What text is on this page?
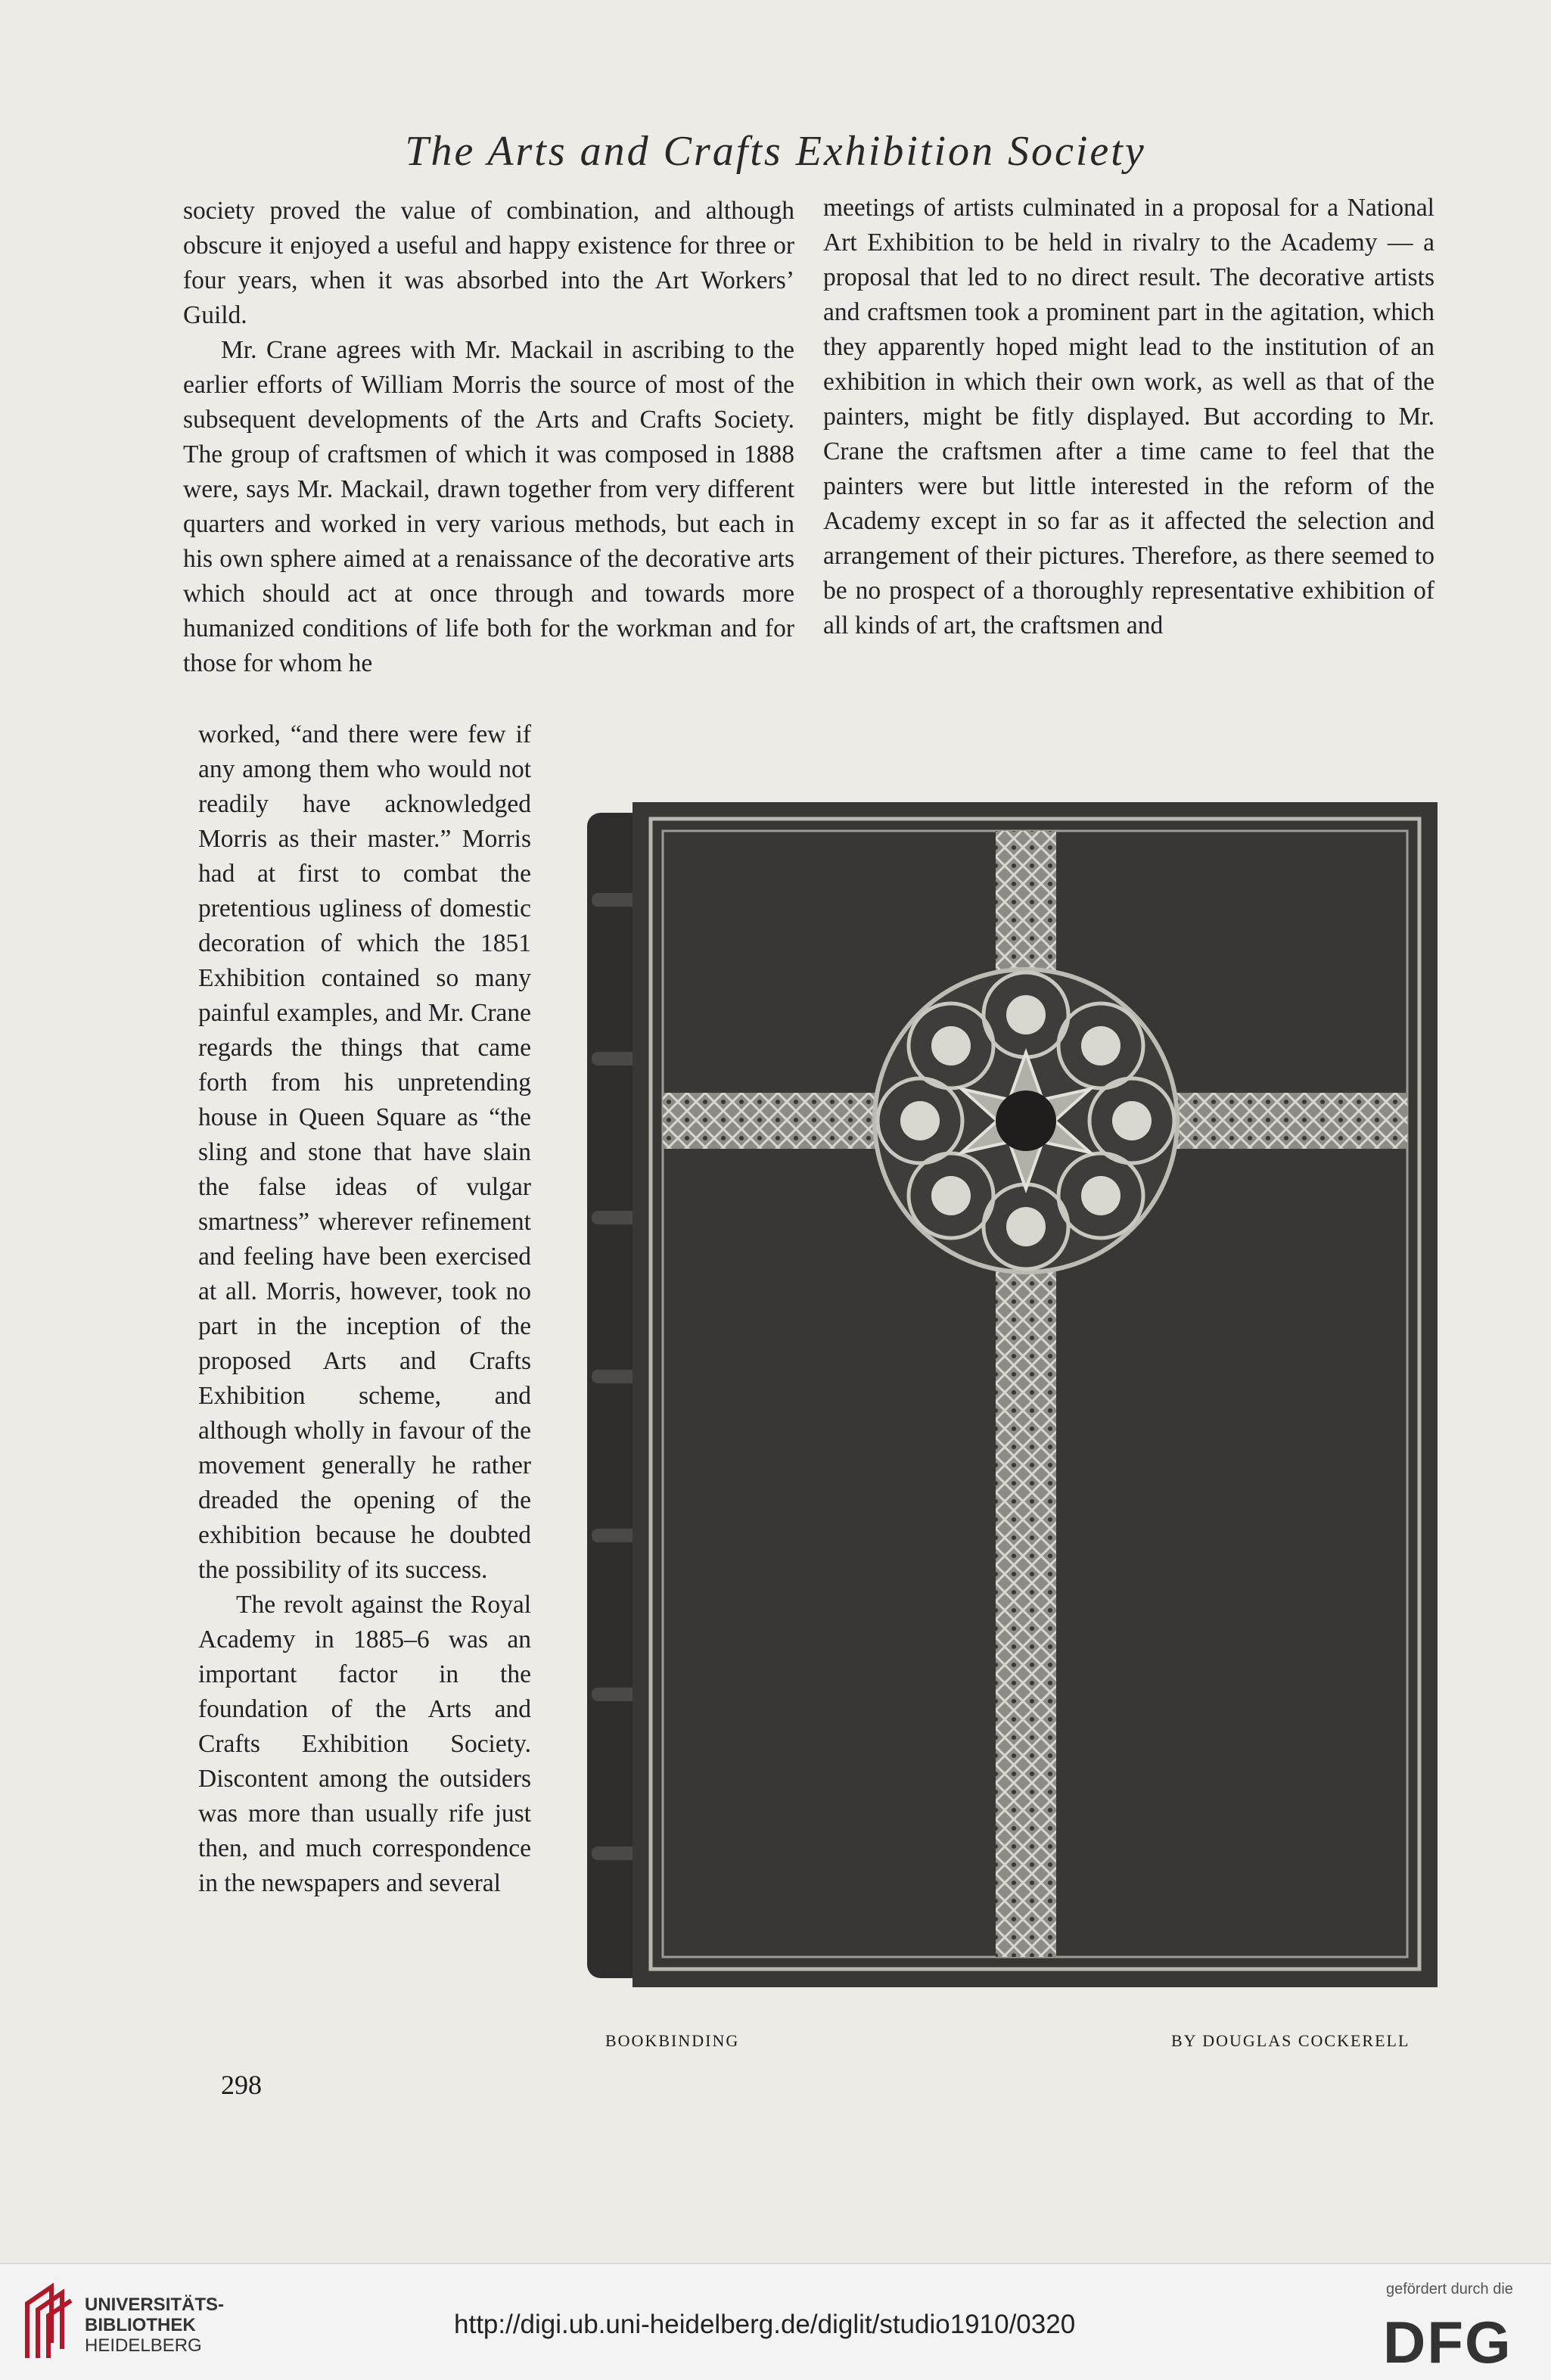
The Arts and Crafts Exhibition Society

society proved the value of combination, and although obscure it enjoyed a useful and happy existence for three or four years, when it was absorbed into the Art Workers’ Guild.

Mr. Crane agrees with Mr. Mackail in ascribing to the earlier efforts of William Morris the source of most of the subsequent developments of the Arts and Crafts Society. The group of craftsmen of which it was composed in 1888 were, says Mr. Mackail, drawn together from very different quarters and worked in very various methods, but each in his own sphere aimed at a renaissance of the decorative arts which should act at once through and towards more humanized conditions of life both for the workman and for those for whom he

meetings of artists culminated in a proposal for a National Art Exhibition to be held in rivalry to the Academy — a proposal that led to no direct result. The decorative artists and craftsmen took a prominent part in the agitation, which they apparently hoped might lead to the institution of an exhibition in which their own work, as well as that of the painters, might be fitly displayed. But according to Mr. Crane the craftsmen after a time came to feel that the painters were but little interested in the reform of the Academy except in so far as it affected the selection and arrangement of their pictures. Therefore, as there seemed to be no prospect of a thoroughly representative exhibition of all kinds of art, the craftsmen and

worked, “and there were few if any among them who would not readily have acknowledged Morris as their master.” Morris had at first to combat the pretentious ugliness of domestic decoration of which the 1851 Exhibition contained so many painful examples, and Mr. Crane regards the things that came forth from his unpretending house in Queen Square as “the sling and stone that have slain the false ideas of vulgar smartness” wherever refinement and feeling have been exercised at all. Morris, however, took no part in the inception of the proposed Arts and Crafts Exhibition scheme, and although wholly in favour of the movement generally he rather dreaded the opening of the exhibition because he doubted the possibility of its success.

The revolt against the Royal Academy in 1885–6 was an important factor in the foundation of the Arts and Crafts Exhibition Society. Discontent among the outsiders was more than usually rife just then, and much correspondence in the newspapers and several

BOOKBINDING	BY DOUGLAS COCKERELL
298
UNIVERSITÄTS-
BIBLIOTHEK
HEIDELBERG
http://digi.ub.uni-heidelberg.de/diglit/studio1910/0320
gefördert durch die
DFG
